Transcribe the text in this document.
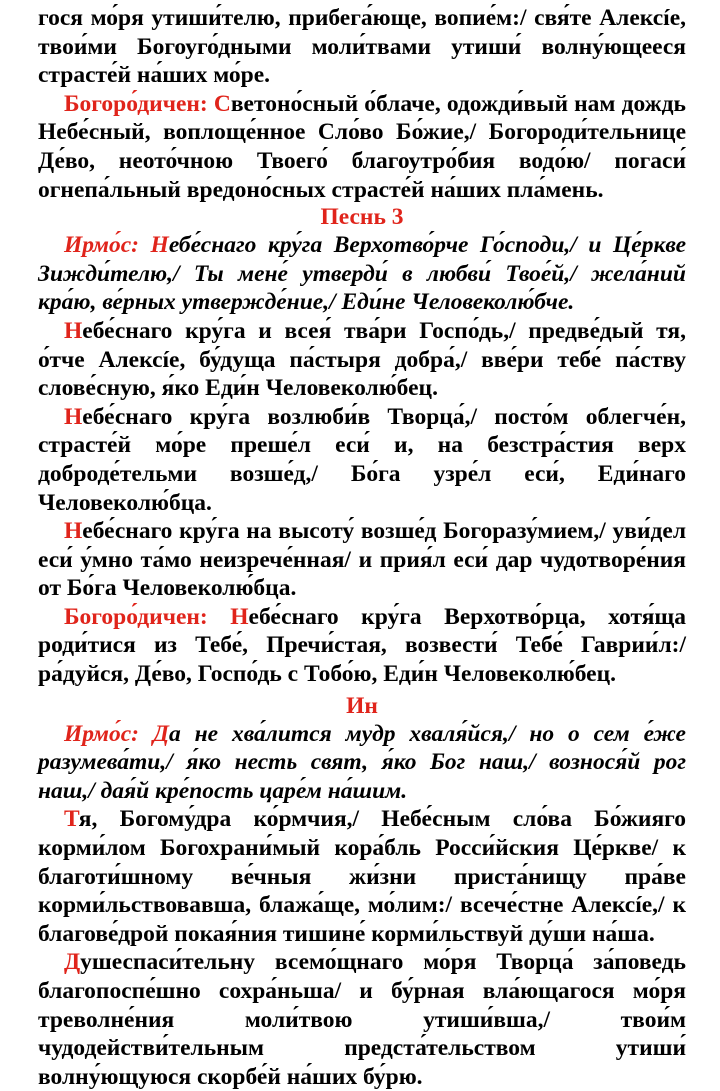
гося мо́ря утиши́телю, прибега́юще, вопие́м:/ свя́те Алексíе, твои́ми Богоуго́дными моли́твами утиши́ волну́ющееся страсте́й на́ших мо́ре.

Богоро́дичен: Светоно́сный о́блаче, одожди́вый нам дождь Небе́сный, воплоще́нное Сло́во Бо́жие,/ Богороди́тельнице Де́во, неото́чною Твоего́ благоутро́бия водо́ю/ погаси́ огнепа́льный вредоно́сных страсте́й на́ших пла́мень.

Песнь 3

Ирмо́с: Небе́снаго кру́га Верхотво́рче Го́споди,/ и Це́ркве Зижди́телю,/ Ты мене́ утверди́ в любви́ Твое́й,/ жела́ний кра́ю, ве́рных утвержде́ние,/ Еди́не Человеколю́бче.

Небе́снаго кру́га и всея́ тва́ри Госпо́дь,/ предве́дый тя, о́тче Алексíе, бу́дуща па́стыря добра́,/ вве́ри тебе́ па́ству слове́сную, я́ко Еди́н Человеколю́бец.

Небе́снаго кру́га возлюби́в Творца́,/ посто́м облегче́н, страсте́й мо́ре преше́л еси́ и, на безстра́стия верх доброде́тельми возше́д,/ Бо́га узре́л еси́, Еди́наго Человеколю́бца.

Небе́снаго кру́га на высоту́ возше́д Богоразу́мием,/ уви́дел еси́ у́мно та́мо неизрече́нная/ и прия́л еси́ дар чудотворе́ния от Бо́га Человеколю́бца.

Богоро́дичен: Небе́снаго кру́га Верхотво́рца, хотя́ща роди́тися из Тебе́, Пречи́стая, возвести́ Тебе́ Гаврии́л:/ ра́дуйся, Де́во, Госпо́дь с Тобо́ю, Еди́н Человеколю́бец.

Ин

Ирмо́с: Да не хва́лится мудр хваля́йся,/ но о сем е́же разумева́ти,/ я́ко несть свят, я́ко Бог наш,/ вознося́й рог наш,/ дая́й кре́пость царе́м на́шим.

Тя, Богому́дра ко́рмчия,/ Небе́сным сло́ва Бо́жияго корми́лом Богохрани́мый кора́бль Росси́йския Це́ркве/ к благоти́шному ве́чныя жи́зни приста́нищу пра́ве корми́льствовавша, блажа́ще, мо́лим:/ всече́стне Алексíе,/ к благове́дрой покая́ния тишине́ корми́льствуй ду́ши на́ша.

Душеспаси́тельну всемо́щнаго мо́ря Творца́ за́поведь благопоспе́шно сохра́ньша/ и бу́рная вла́ющагося мо́ря треволне́ния моли́твою утиши́вша,/ твои́м чудодействи́тельным предста́тельством утиши́ волну́ющуюся скорбе́й на́ших бу́рю.
